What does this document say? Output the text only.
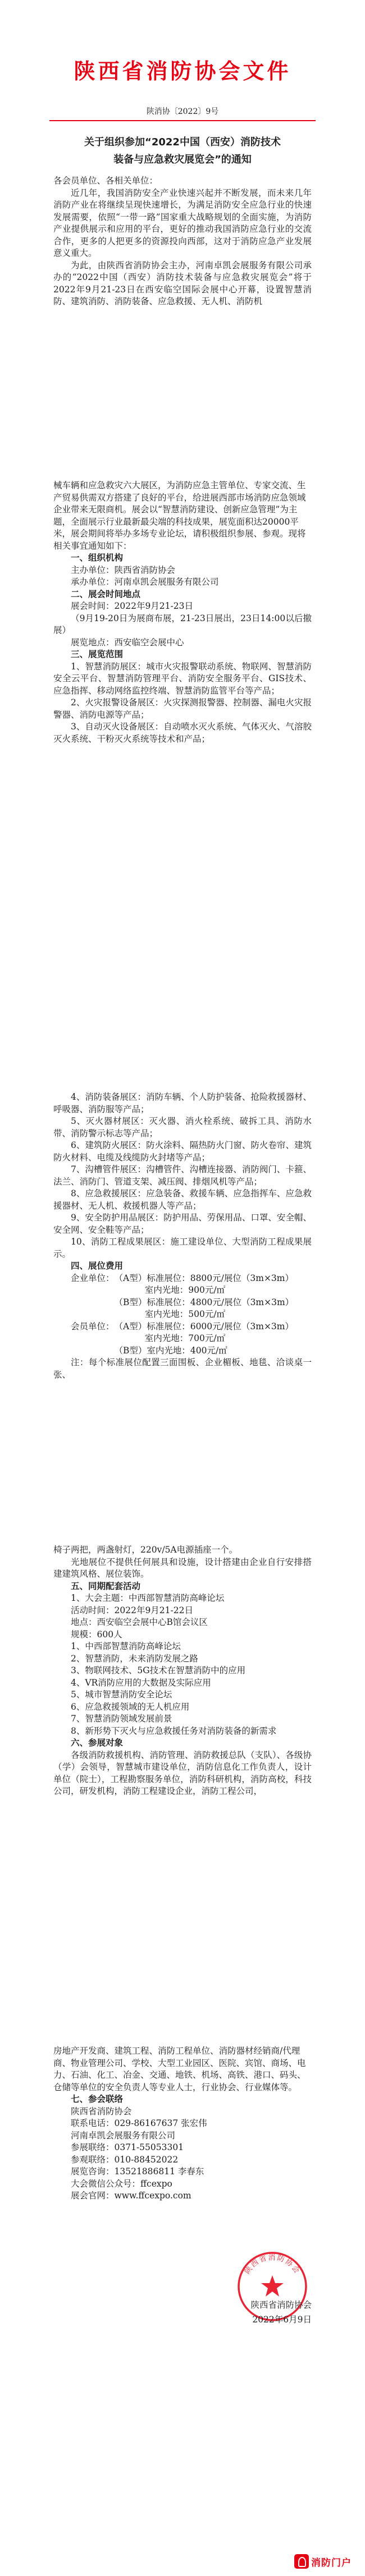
陕西省消防协会文件
陕消协〔2022〕9号
关于组织参加“2022中国（西安）消防技术
装备与应急救灾展览会”的通知

各会员单位、各相关单位：

近几年，我国消防安全产业快速兴起并不断发展，而未来几年消防产业在将继续呈现快速增长，为满足消防安全应急行业的快速发展需要，依照“一带一路”国家重大战略规划的全面实施，为消防产业提供展示和应用的平台，更好的推动我国消防应急行业的交流合作，更多的人把更多的资源投向西部，这对于消防应急产业发展意义重大。

为此，由陕西省消防协会主办，河南卓凯会展服务有限公司承办的“2022中国（西安）消防技术装备与应急救灾展览会”将于2022年9月21-23日在西安临空国际会展中心开幕，设置智慧消防、建筑消防、消防装备、应急救援、无人机、消防机

械车辆和应急救灾六大展区，为消防应急主管单位、专家交流、生产贸易供需双方搭建了良好的平台，给进展西部市场消防应急领域企业带来无限商机。展会以“智慧消防建设、创新应急管理”为主题，全面展示行业最新最尖端的科技成果，展览面积达20000平米，展会期间将举办多场专业论坛，请积极组织参展、参观。现将相关事宜通知如下：

一、组织机构

主办单位：陕西省消防协会

承办单位：河南卓凯会展服务有限公司

二、展会时间地点

展会时间：2022年9月21-23日

（9月19-20日为展商布展，21-23日展出，23日14:00以后撤展）

展览地点：西安临空会展中心

三、展览范围

1、智慧消防展区：城市火灾报警联动系统、物联网、智慧消防安全云平台、智慧消防管理平台、消防安全服务平台、GIS技术、应急指挥、移动网络监控终端、智慧消防监管平台等产品；

2、火灾报警设备展区：火灾探测报警器、控制器、漏电火灾报警器、消防电源等产品；

3、自动灭火设备展区：自动喷水灭火系统、气体灭火、气溶胶灭火系统、干粉灭火系统等技术和产品；

4、消防装备展区：消防车辆、个人防护装备、抢险救援器材、呼吸器、消防服等产品；

5、灭火器材展区：灭火器、消火栓系统、破拆工具、消防水带、消防警示标志等产品；

6、建筑防火展区：防火涂料、隔热防火门窗、防火卷帘、建筑防火材料、电缆及线缆防火封堵等产品；

7、沟槽管件展区：沟槽管件、沟槽连接器、消防阀门、卡箍、法兰、消防门、管道支架、减压阀、排烟风机等产品；

8、应急救援展区：应急装备、救援车辆、应急指挥车、应急救援器材、无人机、救援机器人等产品；

9、安全防护用品展区：防护用品、劳保用品、口罩、安全帽、安全网、安全鞋等产品；

10、消防工程成果展区：施工建设单位、大型消防工程成果展示。

四、展位费用

企业单位： （A型）标准展位：8800元/展位（3m×3m）
室内光地：900元/㎡
（B型）标准展位：4800元/展位（3m×3m）
室内光地：500元/㎡
会员单位： （A型）标准展位：6000元/展位（3m×3m）
室内光地：700元/㎡
（B型）室内光地：400元/㎡

注：每个标准展位配置三面围板、企业楣板、地毯、洽谈桌一张、

椅子两把，两盏射灯，220v/5A电源插座一个。

光地展位不提供任何展具和设施，设计搭建由企业自行安排搭建建筑风格、展位装饰。

五、同期配套活动

1、大会主题：中西部智慧消防高峰论坛

活动时间：2022年9月21-22日

地点：西安临空会展中心B馆会议区

规模：600人

1、中西部智慧消防高峰论坛

2、智慧消防，未来消防发展之路

3、物联网技术、5G技术在智慧消防中的应用

4、VR消防应用的大数据及实际应用

5、城市智慧消防安全论坛

6、应急救援领域的无人机应用

7、智慧消防领域发展前景

8、新形势下灭火与应急救援任务对消防装备的新需求

六、参展对象

各级消防救援机构、消防管理、消防救援总队（支队）、各级协（学）会领导，智慧城市建设单位，消防信息化工作负责人，设计单位（院士），工程勘察服务单位，消防科研机构，消防高校，科技公司，研发机构，消防工程建设企业，消防工程公司，

房地产开发商、建筑工程、消防工程单位、消防器材经销商/代理商、物业管理公司、学校、大型工业园区、医院、宾馆、商场、电力、石油、化工、冶金、交通、地铁、机场、高铁、港口、码头、仓储等单位的安全负责人等专业人士，行业协会、行业媒体等。

七、参会联络

陕西省消防协会

联系电话：029-86167637 张宏伟

河南卓凯会展服务有限公司

参展联络：0371-55053301

参观联络：010-88452022

展览咨询：13521886811 李春东

大会微信公众号：ffcexpo

展会官网：www.ffcexpo.com

陕西省消防协会
陕西省消防协会
2022年6月9日
消防门户
